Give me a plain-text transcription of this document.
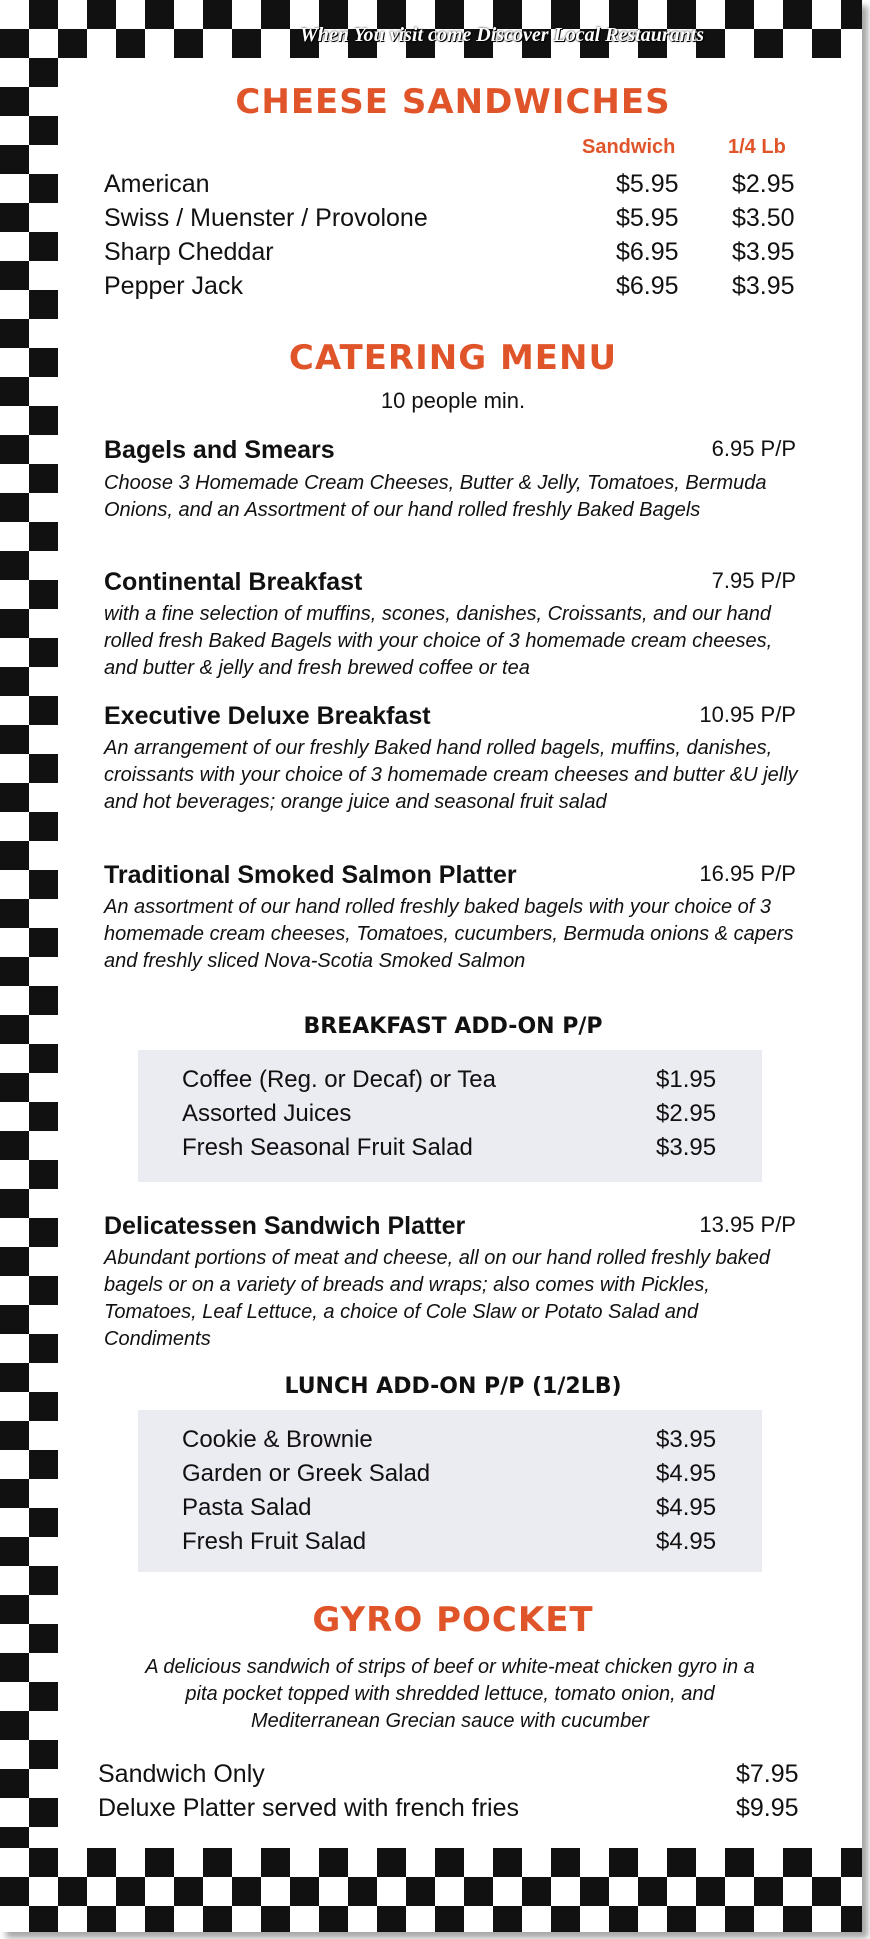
When You visit come Discover Local Restaurants
CHEESE SANDWICHES
Sandwich	1/4 Lb
American	$5.95 $2.95
Swiss / Muenster / Provolone	$5.95 $3.50
Sharp Cheddar	$6.95 $3.95
Pepper Jack	$6.95 $3.95
CATERING MENU
10 people min.
Bagels and Smears	6.95 P/P
Choose 3 Homemade Cream Cheeses, Butter & Jelly, Tomatoes, Bermuda Onions, and an Assortment of our hand rolled freshly Baked Bagels
Continental Breakfast	7.95 P/P
with a fine selection of muffins, scones, danishes, Croissants, and our hand rolled fresh Baked Bagels with your choice of 3 homemade cream cheeses, and butter & jelly and fresh brewed coffee or tea
Executive Deluxe Breakfast	10.95 P/P
An arrangement of our freshly Baked hand rolled bagels, muffins, danishes, croissants with your choice of 3 homemade cream cheeses and butter &U jelly and hot beverages; orange juice and seasonal fruit salad
Traditional Smoked Salmon Platter	16.95 P/P
An assortment of our hand rolled freshly baked bagels with your choice of 3 homemade cream cheeses, Tomatoes, cucumbers, Bermuda onions & capers and freshly sliced Nova-Scotia Smoked Salmon
BREAKFAST ADD-ON P/P
Coffee (Reg. or Decaf) or Tea	$1.95
Assorted Juices	$2.95
Fresh Seasonal Fruit Salad	$3.95
Delicatessen Sandwich Platter	13.95 P/P
Abundant portions of meat and cheese, all on our hand rolled freshly baked bagels or on a variety of breads and wraps; also comes with Pickles, Tomatoes, Leaf Lettuce, a choice of Cole Slaw or Potato Salad and Condiments
LUNCH ADD-ON P/P (1/2LB)
Cookie & Brownie	$3.95
Garden or Greek Salad	$4.95
Pasta Salad	$4.95
Fresh Fruit Salad	$4.95
GYRO POCKET
A delicious sandwich of strips of beef or white-meat chicken gyro in a
pita pocket topped with shredded lettuce, tomato onion, and
Mediterranean Grecian sauce with cucumber
Sandwich Only	$7.95
Deluxe Platter served with french fries	$9.95
